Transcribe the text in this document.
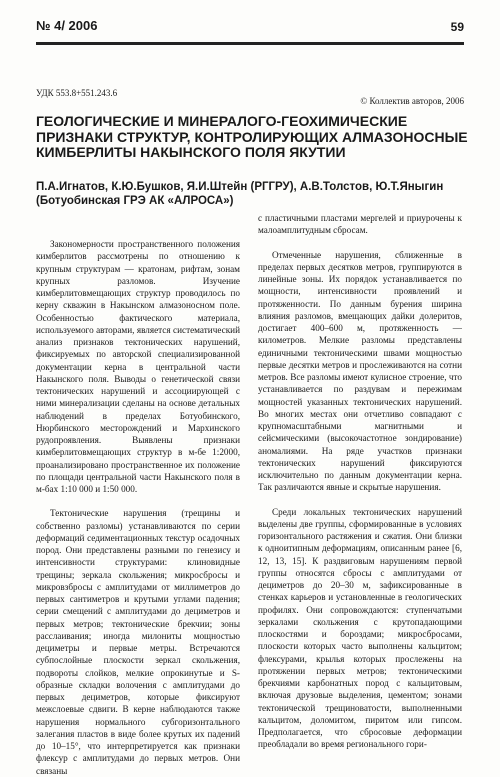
№ 4/ 2006	59
УДК 553.8+551.243.6
© Коллектив авторов, 2006
ГЕОЛОГИЧЕСКИЕ И МИНЕРАЛОГО-ГЕОХИМИЧЕСКИЕ ПРИЗНАКИ СТРУКТУР, КОНТРОЛИРУЮЩИХ АЛМАЗОНОСНЫЕ КИМБЕРЛИТЫ НАКЫНСКОГО ПОЛЯ ЯКУТИИ
П.А.Игнатов, К.Ю.Бушков, Я.И.Штейн (РГГРУ), А.В.Толстов, Ю.Т.Яныгин
(Ботуобинская ГРЭ АК «АЛРОСА»)

Закономерности пространственного положения кимберлитов рассмотрены по отношению к крупным структурам — кратонам, рифтам, зонам крупных разломов. Изучение кимберлитовмещающих структур проводилось по керну скважин в Накынском алмазоносном поле. Особенностью фактического материала, используемого авторами, является систематический анализ признаков тектонических нарушений, фиксируемых по авторской специализированной документации керна в центральной части Накынского поля. Выводы о генетической связи тектонических нарушений и ассоциирующей с ними минерализации сделаны на основе детальных наблюдений в пределах Ботуобинского, Нюрбинского месторождений и Мархинского рудопроявления. Выявлены признаки кимберлитовмещающих структур в м-бе 1:2000, проанализировано пространственное их положение по площади центральной части Накынского поля в м-бах 1:10 000 и 1:50 000.

Тектонические нарушения (трещины и собственно разломы) устанавливаются по серии деформаций седиментационных текстур осадочных пород. Они представлены разными по генезису и интенсивности структурами: клиновидные трещины; зеркала скольжения; микросбросы и микровзбросы с амплитудами от миллиметров до первых сантиметров и крутыми углами падения; серии смещений с амплитудами до дециметров и первых метров; тектонические брекчии; зоны расслаивания; иногда милониты мощностью дециметры и первые метры. Встречаются субпослойные плоскости зеркал скольжения, подвороты слойков, мелкие опрокинутые и S-образные складки волочения с амплитудами до первых дециметров, которые фиксируют межслоевые сдвиги. В керне наблюдаются также нарушения нормального субгоризонтального залегания пластов в виде более крутых их падений до 10–15°, что интерпретируется как признаки флексур с амплитудами до первых метров. Они связаны

с пластичными пластами мергелей и приурочены к малоамплитудным сбросам.

Отмеченные нарушения, сближенные в пределах первых десятков метров, группируются в линейные зоны. Их порядок устанавливается по мощности, интенсивности проявлений и протяженности. По данным бурения ширина влияния разломов, вмещающих дайки долеритов, достигает 400–600 м, протяженность — километров. Мелкие разломы представлены единичными тектоническими швами мощностью первые десятки метров и прослеживаются на сотни метров. Все разломы имеют кулисное строение, что устанавливается по раздувам и пережимам мощностей указанных тектонических нарушений. Во многих местах они отчетливо совпадают с крупномасштабными магнитными и сейсмическими (высокочастотное зондирование) аномалиями. На ряде участков признаки тектонических нарушений фиксируются исключительно по данным документации керна. Так различаются явные и скрытые нарушения.

Среди локальных тектонических нарушений выделены две группы, сформированные в условиях горизонтального растяжения и сжатия. Они близки к одноитипным деформациям, описанным ранее [6, 12, 13, 15]. К раздвиговым нарушениям первой группы относятся сбросы с амплитудами от дециметров до 20–30 м, зафиксированные в стенках карьеров и установленные в геологических профилях. Они сопровождаются: ступенчатыми зеркалами скольжения с крутопадающими плоскостями и бороздами; микросбросами, плоскости которых часто выполнены кальцитом; флексурами, крылья которых прослежены на протяжении первых метров; тектоническими брекчиями карбонатных пород с кальцитовым, включая друзовые выделения, цементом; зонами тектонической трещиноватости, выполненными кальцитом, доломитом, пиритом или гипсом. Предполагается, что сбросовые деформации преобладали во время регионального гори-
